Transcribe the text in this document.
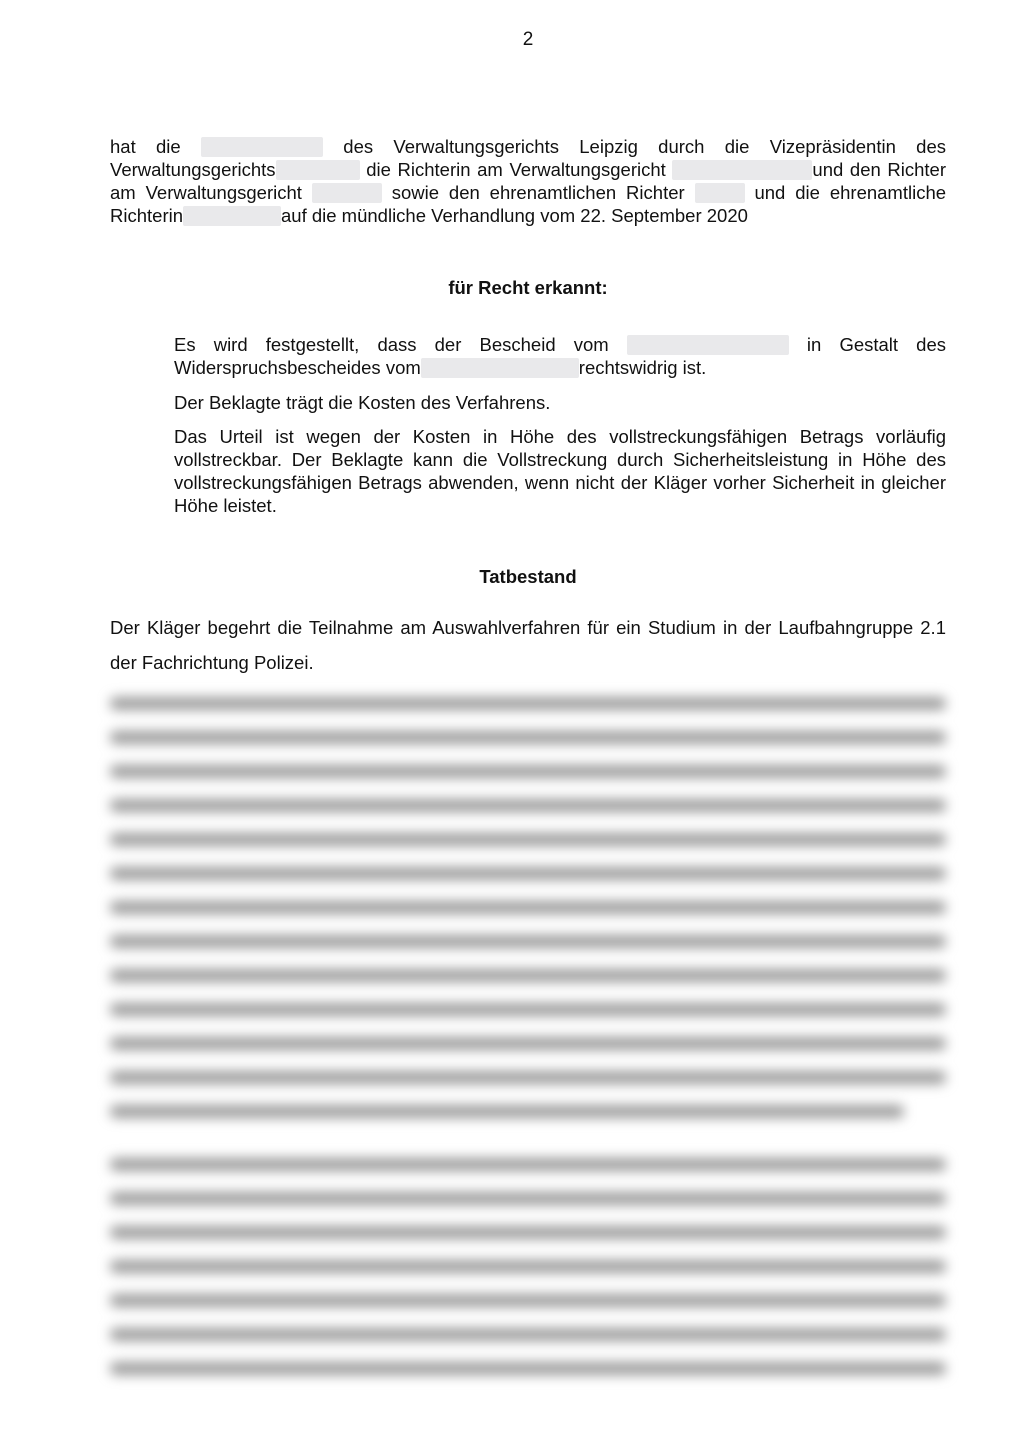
2
hat die	des Verwaltungsgerichts Leipzig durch die Vizepräsidentin des Verwaltungsgerichts	die Richterin am Verwaltungsgericht	und den Richter am Verwaltungsgericht	sowie den ehrenamtlichen Richter	und die ehrenamtliche Richterin	auf die mündliche Verhandlung vom 22. September 2020
für Recht erkannt:
Es wird festgestellt, dass der Bescheid vom	in Gestalt des Widerspruchsbescheides vom	rechtswidrig ist.
Der Beklagte trägt die Kosten des Verfahrens.
Das Urteil ist wegen der Kosten in Höhe des vollstreckungsfähigen Betrags vorläufig vollstreckbar. Der Beklagte kann die Vollstreckung durch Sicherheitsleistung in Höhe des vollstreckungsfähigen Betrags abwenden, wenn nicht der Kläger vorher Sicherheit in gleicher Höhe leistet.
Tatbestand
Der Kläger begehrt die Teilnahme am Auswahlverfahren für ein Studium in der Laufbahngruppe 2.1 der Fachrichtung Polizei.
